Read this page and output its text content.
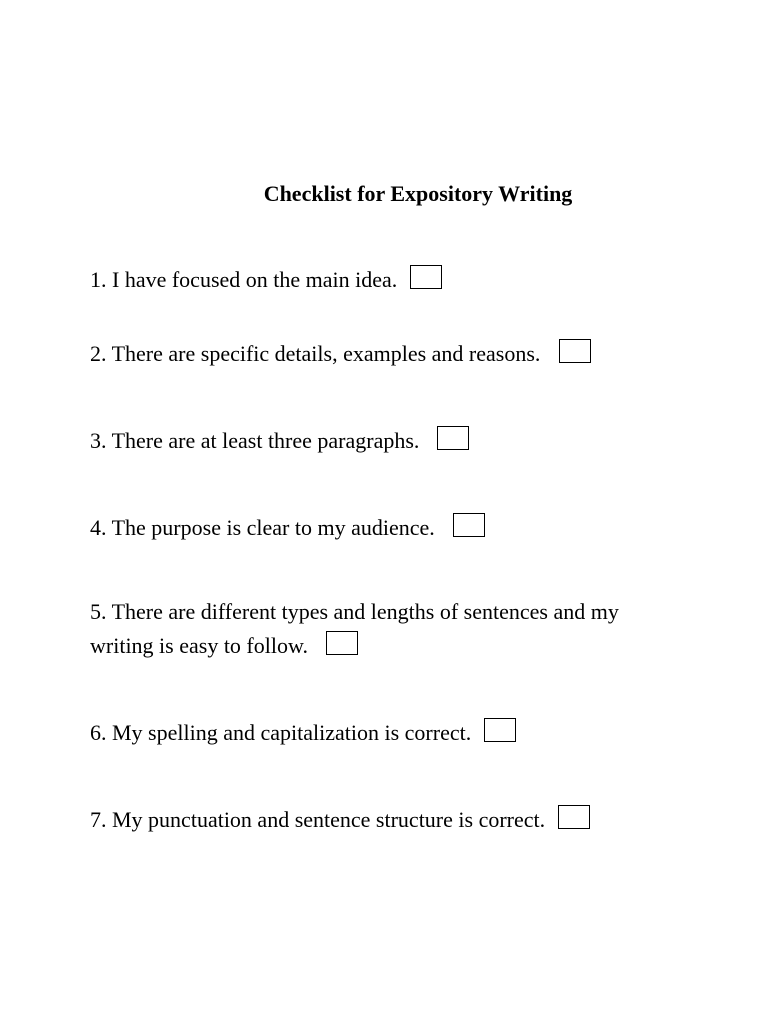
Checklist for Expository Writing
1. I have focused on the main idea.
2. There are specific details, examples and reasons.
3. There are at least three paragraphs.
4. The purpose is clear to my audience.
5. There are different types and lengths of sentences and my writing is easy to follow.
6. My spelling and capitalization is correct.
7. My punctuation and sentence structure is correct.
